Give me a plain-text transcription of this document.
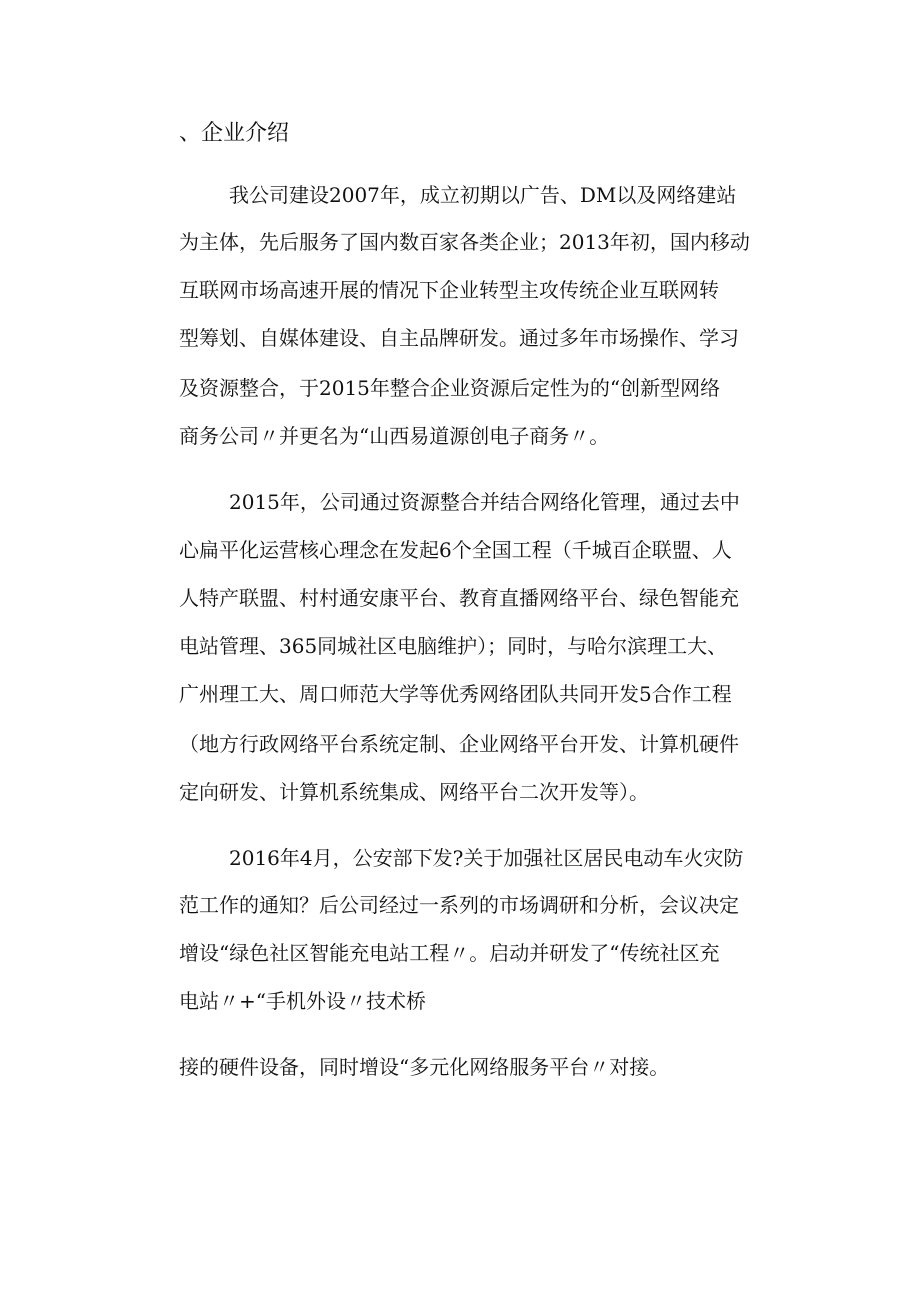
、企业介绍

我公司建设2007年，成立初期以广告、DM以及网络建站

为主体，先后服务了国内数百家各类企业；2013年初，国内移动

互联网市场高速开展的情况下企业转型主攻传统企业互联网转

型筹划、自媒体建设、自主品牌研发。通过多年市场操作、学习

及资源整合，于2015年整合企业资源后定性为的“创新型网络

商务公司〃并更名为“山西易道源创电子商务〃。

2015年，公司通过资源整合并结合网络化管理，通过去中

心扁平化运营核心理念在发起6个全国工程（千城百企联盟、人

人特产联盟、村村通安康平台、教育直播网络平台、绿色智能充

电站管理、365同城社区电脑维护）；同时，与哈尔滨理工大、

广州理工大、周口师范大学等优秀网络团队共同开发5合作工程

（地方行政网络平台系统定制、企业网络平台开发、计算机硬件

定向研发、计算机系统集成、网络平台二次开发等）。

2016年4月，公安部下发?关于加强社区居民电动车火灾防

范工作的通知？后公司经过一系列的市场调研和分析，会议决定

增设“绿色社区智能充电站工程〃。启动并研发了“传统社区充

电站〃+“手机外设〃技术桥

接的硬件设备，同时增设“多元化网络服务平台〃对接。
